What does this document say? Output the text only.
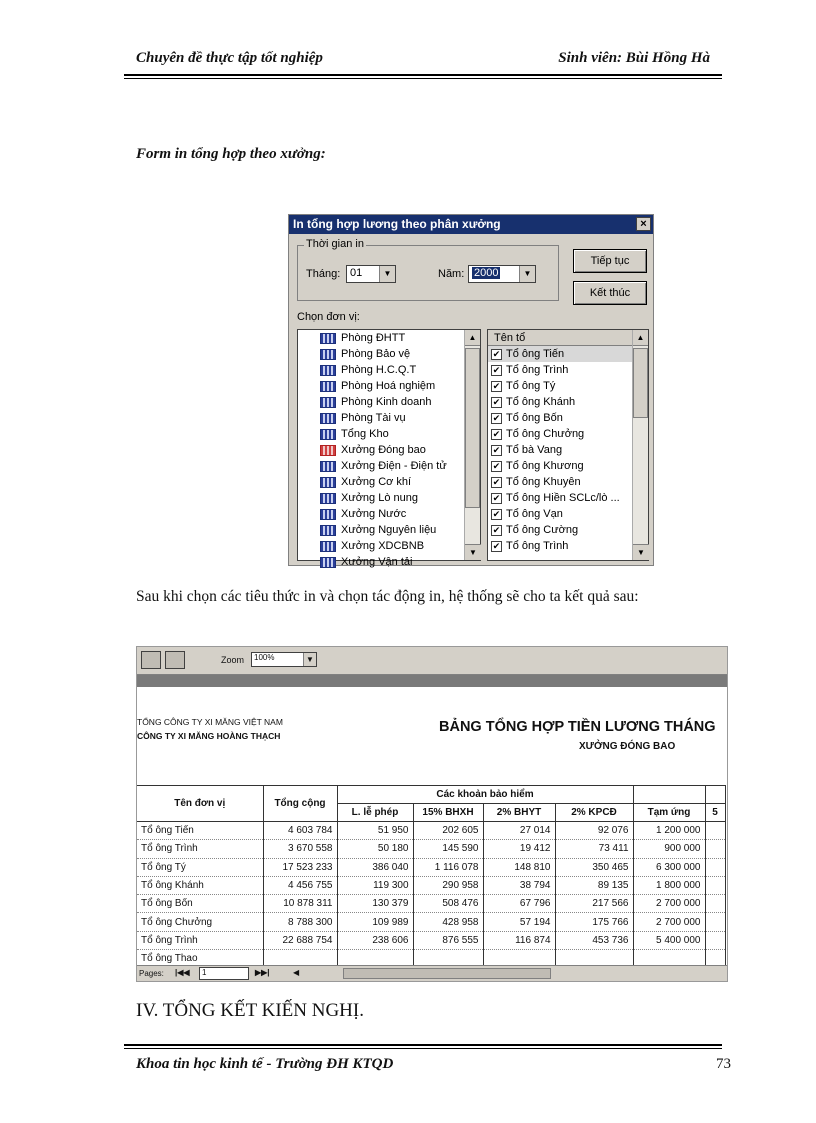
Chuyên đề thực tập tốt nghiệp	Sinh viên: Bùi Hồng Hà
Form in tổng hợp theo xưởng:
In tổng hợp lương theo phân xưởng	×
Thời gian in
Tháng: 01	▼	Năm: 2000	▼
Tiếp tục
Kết thúc
Chọn đơn vị:
Phòng ĐHTT
Phòng Bảo vệ
Phòng H.C.Q.T
Phòng Hoá nghiệm
Phòng Kinh doanh
Phòng Tài vụ
Tổng Kho
Xưởng Đóng bao
Xưởng Điện - Điện tử
Xưởng Cơ khí
Xưởng Lò nung
Xưởng Nước
Xưởng Nguyên liệu
Xưởng XDCBNB
Xưởng Vận tải
▲
▼
Tên tổ
✔ Tổ ông Tiến
✔ Tổ ông Trình
✔ Tổ ông Tý
✔ Tổ ông Khánh
✔ Tổ ông Bốn
✔ Tổ ông Chưởng
✔ Tổ bà Vang
✔ Tổ ông Khương
✔ Tổ ông Khuyên
✔ Tổ ông Hiền SCLc/lò ...
✔ Tổ ông Vạn
✔ Tổ ông Cường
✔ Tổ ông Trình
▲
▼
Sau khi chọn các tiêu thức in và chọn tác động in, hệ thống sẽ cho ta kết quả sau:
Zoom	100%	▼
TỔNG CÔNG TY XI MĂNG VIỆT NAM
CÔNG TY XI MĂNG HOÀNG THẠCH
BẢNG TỔNG HỢP TIỀN LƯƠNG THÁNG
XƯỞNG ĐÓNG BAO
Tên đơn vị	Tổng cộng	Các khoản bảo hiểm					
		L. lễ phép	15% BHXH	2% BHYT	2% KPCĐ	Tạm ứng	5
Tổ ông Tiến	4 603 784	51 950	202 605	27 014	92 076	1 200 000	
Tổ ông Trình	3 670 558	50 180	145 590	19 412	73 411	900 000	
Tổ ông Tý	17 523 233	386 040	1 116 078	148 810	350 465	6 300 000	
Tổ ông Khánh	4 456 755	119 300	290 958	38 794	89 135	1 800 000	
Tổ ông Bốn	10 878 311	130 379	508 476	67 796	217 566	2 700 000	
Tổ ông Chưởng	8 788 300	109 989	428 958	57 194	175 766	2 700 000	
Tổ ông Trình	22 688 754	238 606	876 555	116 874	453 736	5 400 000	
Tổ ông Thao							
Pages: |◀◀	1	▶▶|	◀
IV. TỔNG KẾT KIẾN NGHỊ.
Khoa tin học kinh tế - Trường ĐH KTQD	73
